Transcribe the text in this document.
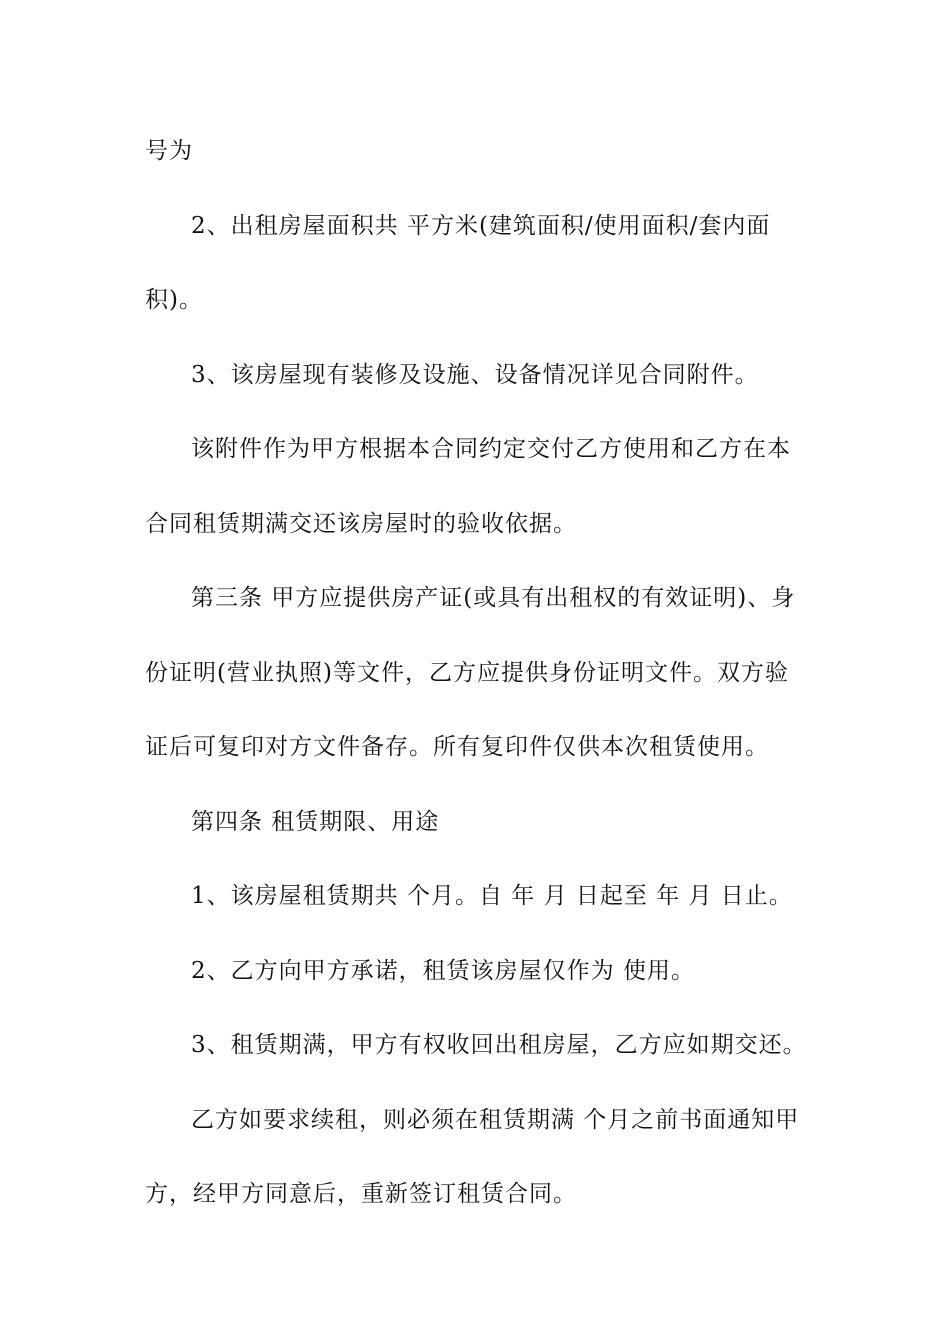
号为
2、出租房屋面积共 平方米(建筑面积/使用面积/套内面
积)。
3、该房屋现有装修及设施、设备情况详见合同附件。
该附件作为甲方根据本合同约定交付乙方使用和乙方在本
合同租赁期满交还该房屋时的验收依据。
第三条 甲方应提供房产证(或具有出租权的有效证明)、身
份证明(营业执照)等文件，乙方应提供身份证明文件。双方验
证后可复印对方文件备存。所有复印件仅供本次租赁使用。
第四条 租赁期限、用途
1、该房屋租赁期共 个月。自 年 月 日起至 年 月 日止。
2、乙方向甲方承诺，租赁该房屋仅作为 使用。
3、租赁期满，甲方有权收回出租房屋，乙方应如期交还。
乙方如要求续租，则必须在租赁期满 个月之前书面通知甲
方，经甲方同意后，重新签订租赁合同。
